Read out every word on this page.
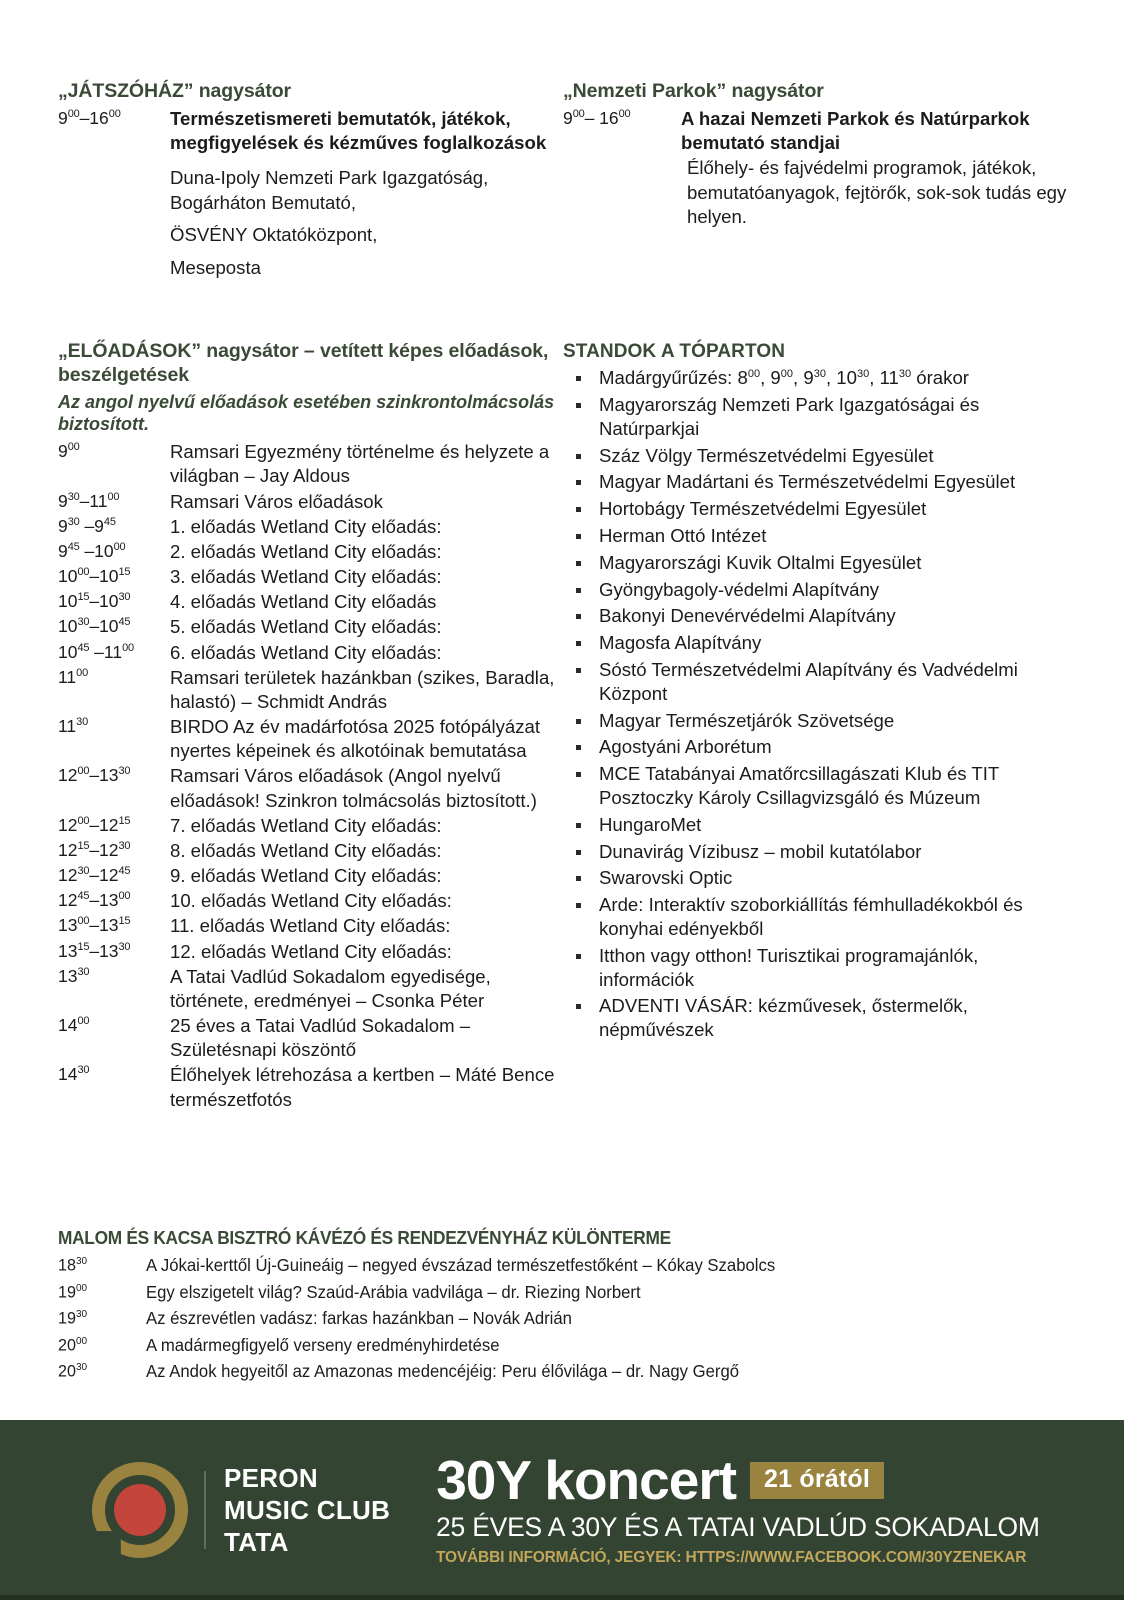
„JÁTSZÓHÁZ” nagysátor
$9^{00}-16^{00}$	Természetismereti bemutatók, játékok, megfigyelések és kézműves foglalkozások
Duna-Ipoly Nemzeti Park Igazgatóság,
Bogárháton Bemutató,
ÖSVÉNY Oktatóközpont,
Meseposta
„Nemzeti Parkok” nagysátor
$9^{00}-$ $16^{00}$	A hazai Nemzeti Parkok és Natúrparkok bemutató standjai
Élőhely- és fajvédelmi programok, játékok, bemutatóanyagok, fejtörők, sok-sok tudás egy helyen.
„ELŐADÁSOK” nagysátor – vetített képes előadások, beszélgetések
Az angol nyelvű előadások esetében szinkrontolmácsolás biztosított.
$9^{00}$	Ramsari Egyezmény történelme és helyzete a világban – Jay Aldous
$9^{30}-11^{00}$	Ramsari Város előadások
$9^{30}$ $-9^{45}$	1. előadás Wetland City előadás:
$9^{45}$ $-10^{00}$	2. előadás Wetland City előadás:
$10^{00}-10^{15}$	3. előadás Wetland City előadás:
$10^{15}-10^{30}$	4. előadás Wetland City előadás
$10^{30}-10^{45}$	5. előadás Wetland City előadás:
$10^{45}$ $-11^{00}$	6. előadás Wetland City előadás:
$11^{00}$	Ramsari területek hazánkban (szikes, Baradla, halastó) – Schmidt András
$11^{30}$	BIRDO Az év madárfotósa 2025 fotópályázat nyertes képeinek és alkotóinak bemutatása
$12^{00}-13^{30}$	Ramsari Város előadások (Angol nyelvű előadások! Szinkron tolmácsolás biztosított.)
$12^{00}-12^{15}$	7. előadás Wetland City előadás:
$12^{15}-12^{30}$	8. előadás Wetland City előadás:
$12^{30}-12^{45}$	9. előadás Wetland City előadás:
$12^{45}-13^{00}$	10. előadás Wetland City előadás:
$13^{00}-13^{15}$	11. előadás Wetland City előadás:
$13^{15}-13^{30}$	12. előadás Wetland City előadás:
$13^{30}$	A Tatai Vadlúd Sokadalom egyedisége, története, eredményei – Csonka Péter
$14^{00}$	25 éves a Tatai Vadlúd Sokadalom – Születésnapi köszöntő
$14^{30}$	Élőhelyek létrehozása a kertben – Máté Bence természetfotós
STANDOK A TÓPARTON
Madárgyűrűzés: $8^{00}$, $9^{00}$, $9^{30}$, $10^{30}$, $11^{30}$ órakor
Magyarország Nemzeti Park Igazgatóságai és Natúrparkjai
Száz Völgy Természetvédelmi Egyesület
Magyar Madártani és Természetvédelmi Egyesület
Hortobágy Természetvédelmi Egyesület
Herman Ottó Intézet
Magyarországi Kuvik Oltalmi Egyesület
Gyöngybagoly-védelmi Alapítvány
Bakonyi Denevérvédelmi Alapítvány
Magosfa Alapítvány
Sóstó Természetvédelmi Alapítvány és Vadvédelmi Központ
Magyar Természetjárók Szövetsége
Agostyáni Arborétum
MCE Tatabányai Amatőrcsillagászati Klub és TIT Posztoczky Károly Csillagvizsgáló és Múzeum
HungaroMet
Dunavirág Vízibusz – mobil kutatólabor
Swarovski Optic
Arde: Interaktív szoborkiállítás fémhulladékokból és konyhai edényekből
Itthon vagy otthon! Turisztikai programajánlók, információk
ADVENTI VÁSÁR: kézművesek, őstermelők, népművészek
MALOM ÉS KACSA BISZTRÓ KÁVÉZÓ ÉS RENDEZVÉNYHÁZ KÜLÖNTERME
$18^{30}$	A Jókai-kerttől Új-Guineáig – negyed évszázad természetfestőként – Kókay Szabolcs
$19^{00}$	Egy elszigetelt világ? Szaúd-Arábia vadvilága – dr. Riezing Norbert
$19^{30}$	Az észrevétlen vadász: farkas hazánkban – Novák Adrián
$20^{00}$	A madármegfigyelő verseny eredményhirdetése
$20^{30}$	Az Andok hegyeitől az Amazonas medencéjéig: Peru élővilága – dr. Nagy Gergő
PERON
MUSIC CLUB
TATA
30Y koncert	21 órától
25 ÉVES A 30Y ÉS A TATAI VADLÚD SOKADALOM
TOVÁBBI INFORMÁCIÓ, JEGYEK: HTTPS://WWW.FACEBOOK.COM/30YZENEKAR
